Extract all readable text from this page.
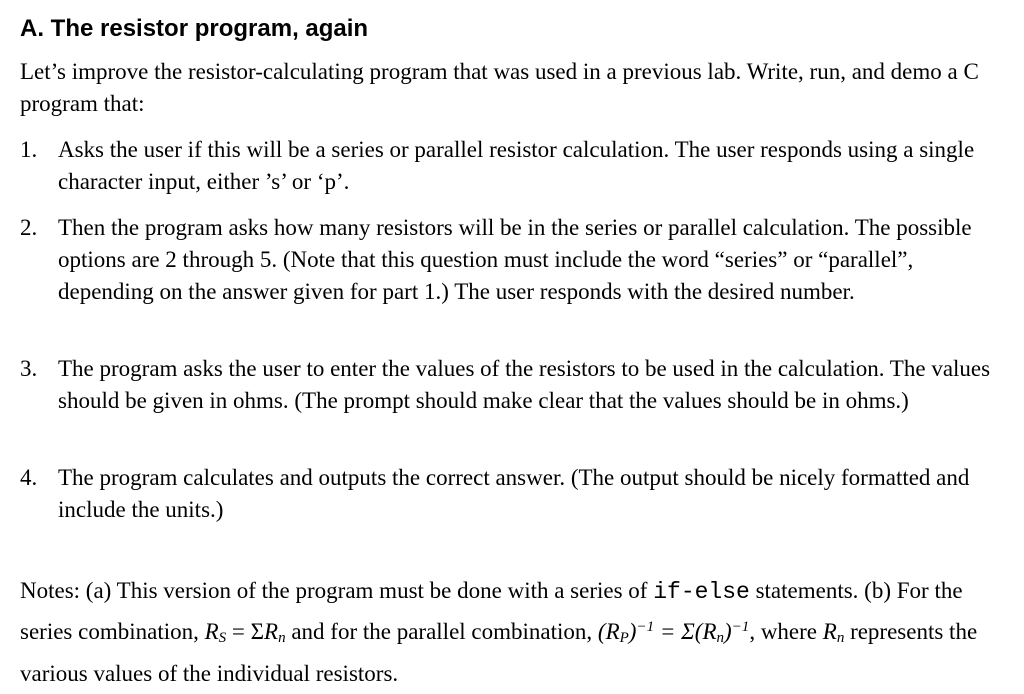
A. The resistor program, again

Let’s improve the resistor-calculating program that was used in a previous lab. Write, run, and demo a C program that:

1. Asks the user if this will be a series or parallel resistor calculation. The user responds using a single character input, either ’s’ or ‘p’.
2. Then the program asks how many resistors will be in the series or parallel calculation. The possible options are 2 through 5. (Note that this question must include the word “series” or “parallel”, depending on the answer given for part 1.) The user responds with the desired number.
3. The program asks the user to enter the values of the resistors to be used in the calculation. The values should be given in ohms. (The prompt should make clear that the values should be in ohms.)
4. The program calculates and outputs the correct answer. (The output should be nicely formatted and include the units.)

Notes: (a) This version of the program must be done with a series of if-else statements. (b) For the series combination, $R_S = \Sigma R_n$ and for the parallel combination, $(R_P)^{-1} = \Sigma(R_n)^{-1}$, where $R_n$ represents the various values of the individual resistors.
